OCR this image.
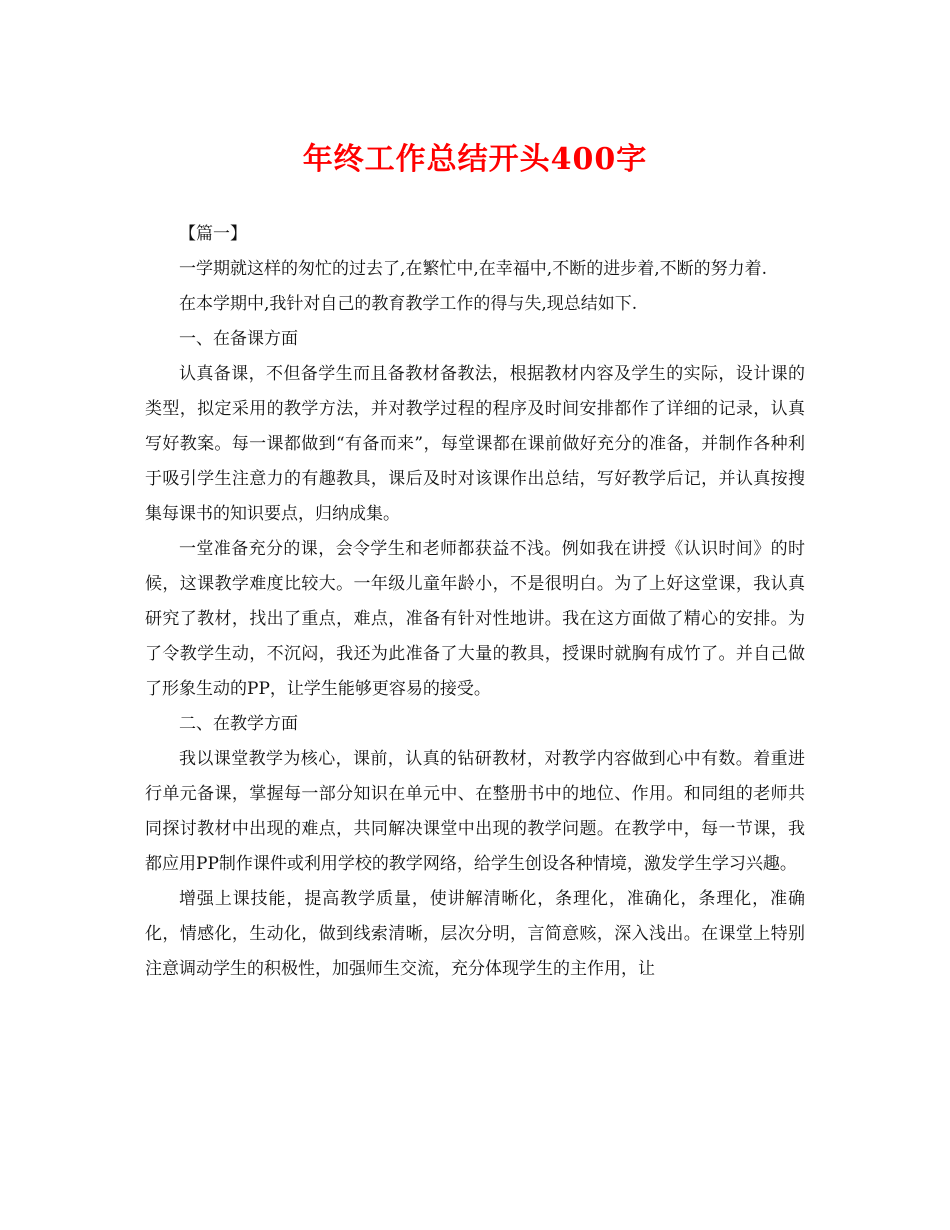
年终工作总结开头400字

【篇一】

一学期就这样的匆忙的过去了,在繁忙中,在幸福中,不断的进步着,不断的努力着.

在本学期中,我针对自己的教育教学工作的得与失,现总结如下.

一、在备课方面

认真备课，不但备学生而且备教材备教法，根据教材内容及学生的实际，设计课的类型，拟定采用的教学方法，并对教学过程的程序及时间安排都作了详细的记录，认真写好教案。每一课都做到“有备而来”，每堂课都在课前做好充分的准备，并制作各种利于吸引学生注意力的有趣教具，课后及时对该课作出总结，写好教学后记，并认真按搜集每课书的知识要点，归纳成集。

一堂准备充分的课，会令学生和老师都获益不浅。例如我在讲授《认识时间》的时候，这课教学难度比较大。一年级儿童年龄小，不是很明白。为了上好这堂课，我认真研究了教材，找出了重点，难点，准备有针对性地讲。我在这方面做了精心的安排。为了令教学生动，不沉闷，我还为此准备了大量的教具，授课时就胸有成竹了。并自己做了形象生动的PP，让学生能够更容易的接受。

二、在教学方面

我以课堂教学为核心，课前，认真的钻研教材，对教学内容做到心中有数。着重进行单元备课，掌握每一部分知识在单元中、在整册书中的地位、作用。和同组的老师共同探讨教材中出现的难点，共同解决课堂中出现的教学问题。在教学中，每一节课，我都应用PP制作课件或利用学校的教学网络，给学生创设各种情境，激发学生学习兴趣。

增强上课技能，提高教学质量，使讲解清晰化，条理化，准确化，条理化，准确化，情感化，生动化，做到线索清晰，层次分明，言简意赅，深入浅出。在课堂上特别注意调动学生的积极性，加强师生交流，充分体现学生的主作用，让
